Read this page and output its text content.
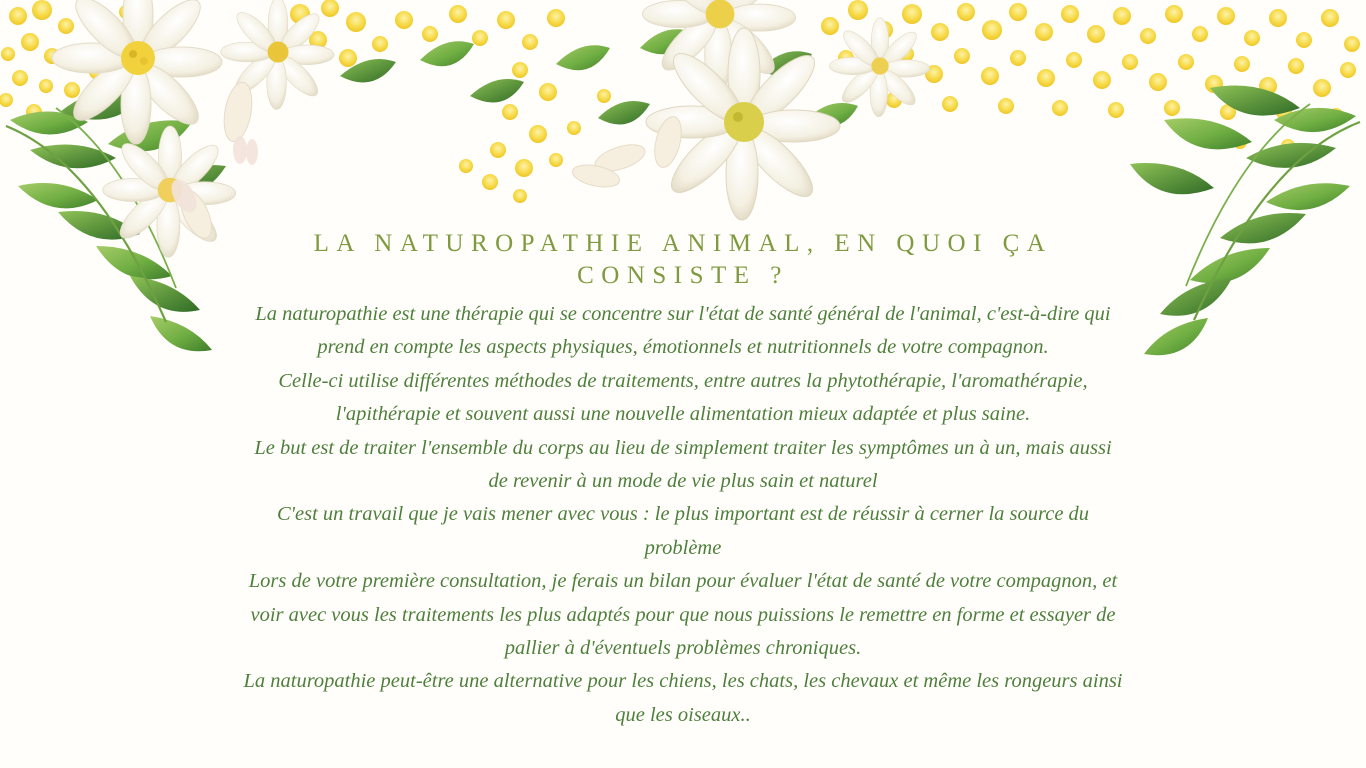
LA NATUROPATHIE ANIMAL, EN QUOI ÇA CONSISTE ?

La naturopathie est une thérapie qui se concentre sur l'état de santé général de l'animal, c'est-à-dire qui prend en compte les aspects physiques, émotionnels et nutritionnels de votre compagnon.

Celle-ci utilise différentes méthodes de traitements, entre autres la phytothérapie, l'aromathérapie, l'apithérapie et souvent aussi une nouvelle alimentation mieux adaptée et plus saine.

Le but est de traiter l'ensemble du corps au lieu de simplement traiter les symptômes un à un, mais aussi de revenir à un mode de vie plus sain et naturel

C'est un travail que je vais mener avec vous : le plus important est de réussir à cerner la source du problème

Lors de votre première consultation, je ferais un bilan pour évaluer l'état de santé de votre compagnon, et voir avec vous les traitements les plus adaptés pour que nous puissions le remettre en forme et essayer de pallier à d'éventuels problèmes chroniques.

La naturopathie peut-être une alternative pour les chiens, les chats, les chevaux et même les rongeurs ainsi que les oiseaux..
